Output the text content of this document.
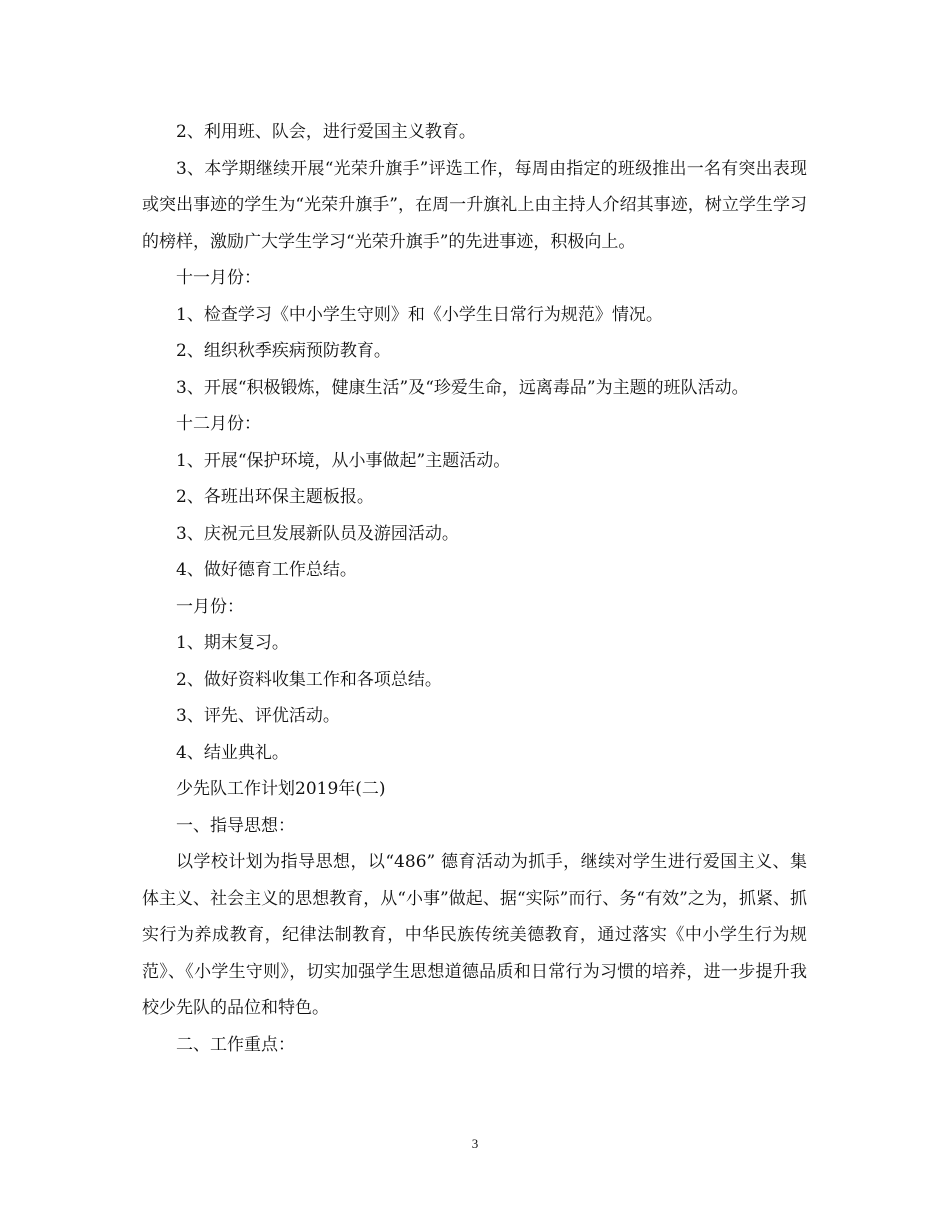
2、利用班、队会，进行爱国主义教育。

3、本学期继续开展“光荣升旗手”评选工作，每周由指定的班级推出一名有突出表现或突出事迹的学生为“光荣升旗手”，在周一升旗礼上由主持人介绍其事迹，树立学生学习的榜样，激励广大学生学习“光荣升旗手”的先进事迹，积极向上。

十一月份：

1、检查学习《中小学生守则》和《小学生日常行为规范》情况。

2、组织秋季疾病预防教育。

3、开展“积极锻炼，健康生活”及“珍爱生命，远离毒品”为主题的班队活动。

十二月份：

1、开展“保护环境，从小事做起”主题活动。

2、各班出环保主题板报。

3、庆祝元旦发展新队员及游园活动。

4、做好德育工作总结。

一月份：

1、期末复习。

2、做好资料收集工作和各项总结。

3、评先、评优活动。

4、结业典礼。

少先队工作计划2019年(二)

一、指导思想：

以学校计划为指导思想，以“486” 德育活动为抓手，继续对学生进行爱国主义、集体主义、社会主义的思想教育，从“小事”做起、据“实际”而行、务“有效”之为，抓紧、抓实行为养成教育，纪律法制教育，中华民族传统美德教育，通过落实《中小学生行为规范》、《小学生守则》，切实加强学生思想道德品质和日常行为习惯的培养，进一步提升我校少先队的品位和特色。

二、工作重点：

3
